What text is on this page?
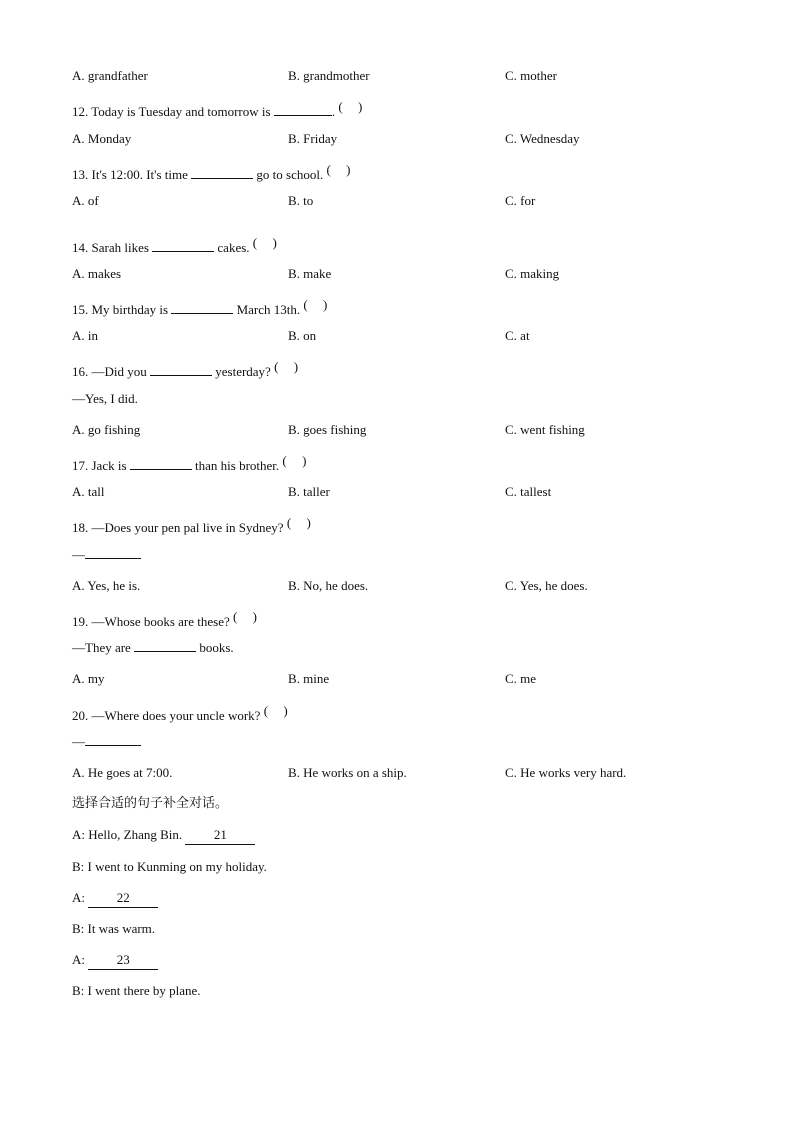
A. grandfather	B. grandmother	C. mother
12. Today is Tuesday and tomorrow is	. ( )
A. Monday	B. Friday	C. Wednesday
13. It's 12:00. It's time	go to school. ( )
A. of	B. to	C. for
14. Sarah likes	cakes. ( )
A. makes	B. make	C. making
15. My birthday is	March 13th. ( )
A. in	B. on	C. at
16. —Did you	yesterday? ( )
—Yes, I did.
A. go fishing	B. goes fishing	C. went fishing
17. Jack is	than his brother. ( )
A. tall	B. taller	C. tallest
18. —Does your pen pal live in Sydney? ( )
—
A. Yes, he is.	B. No, he does.	C. Yes, he does.
19. —Whose books are these? ( )
—They are	books.
A. my	B. mine	C. me
20. —Where does your uncle work? ( )
—
A. He goes at 7:00.	B. He works on a ship.	C. He works very hard.
选择合适的句子补全对话。
A: Hello, Zhang Bin. 21
B: I went to Kunming on my holiday.
A: 22
B: It was warm.
A: 23
B: I went there by plane.
